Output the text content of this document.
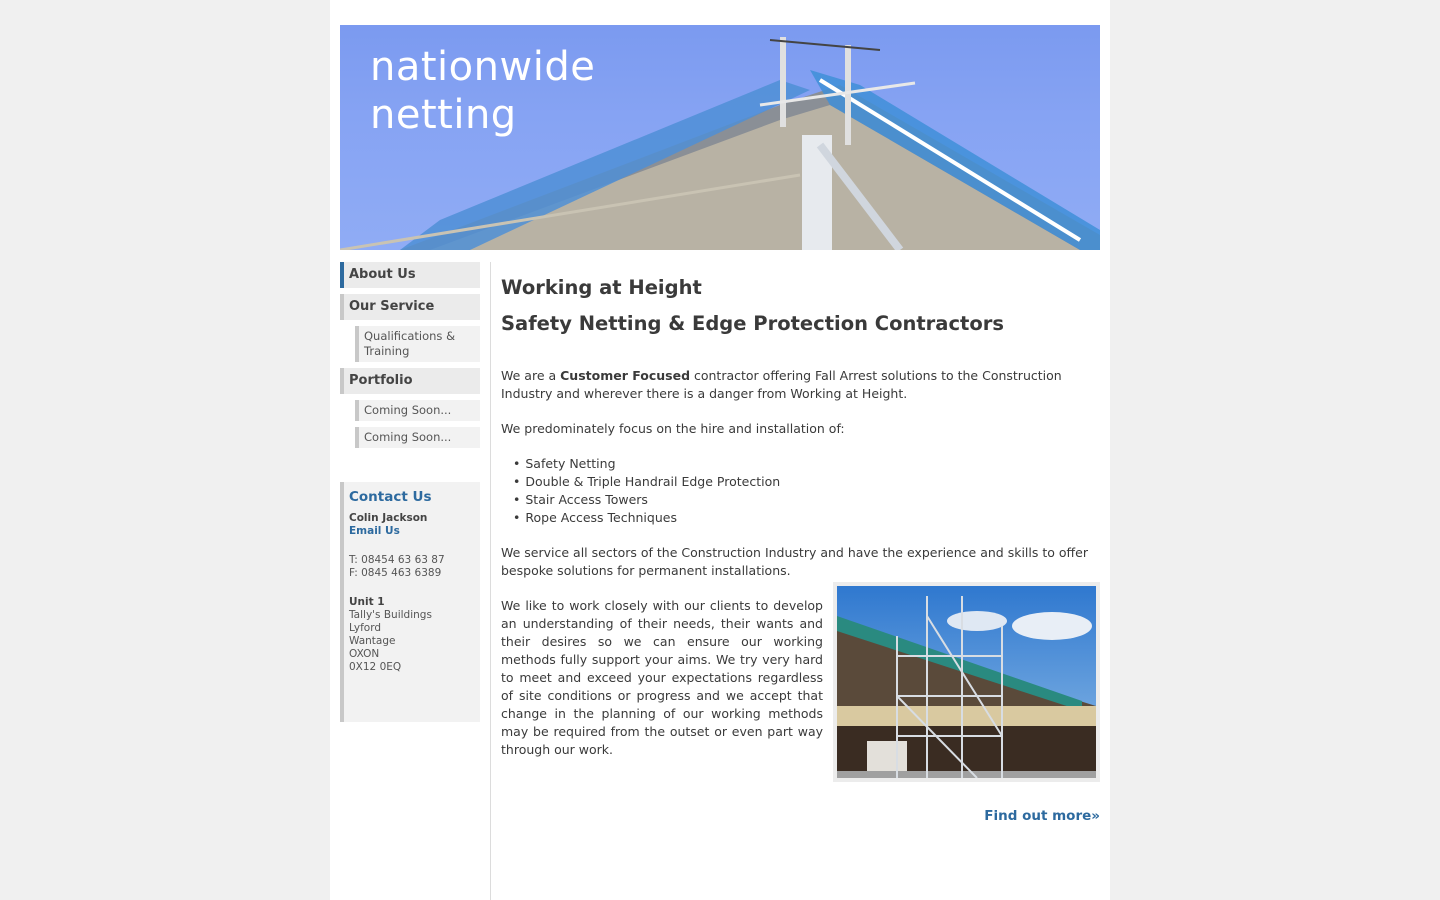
nationwide
netting
About Us
Our Service
Qualifications & Training
Portfolio
Coming Soon...
Coming Soon...
Contact Us
Colin Jackson
Email Us
T: 08454 63 63 87
F: 0845 463 6389
Unit 1
Tally's Buildings
Lyford
Wantage
OXON
0X12 0EQ
Working at Height
Safety Netting & Edge Protection Contractors

We are a Customer Focused contractor offering Fall Arrest solutions to the Construction Industry and wherever there is a danger from Working at Height.

We predominately focus on the hire and installation of:

• Safety Netting
• Double & Triple Handrail Edge Protection
• Stair Access Towers
• Rope Access Techniques

We service all sectors of the Construction Industry and have the experience and skills to offer bespoke solutions for permanent installations.

We like to work closely with our clients to develop an understanding of their needs, their wants and their desires so we can ensure our working methods fully support your aims. We try very hard to meet and exceed your expectations regardless of site conditions or progress and we accept that change in the planning of our working methods may be required from the outset or even part way through our work.

Find out more»
